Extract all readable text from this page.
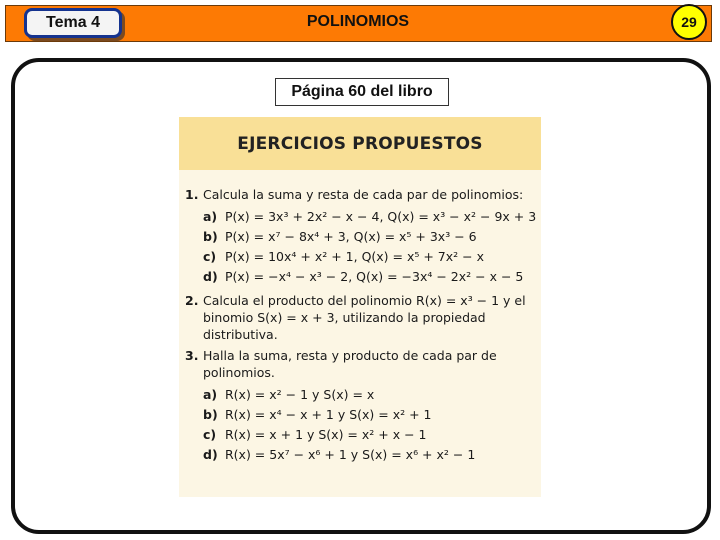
Tema 4	POLINOMIOS	29
Página 60 del libro
EJERCICIOS PROPUESTOS
1. Calcula la suma y resta de cada par de polinomios:
a) P(x) = 3x³ + 2x² − x − 4, Q(x) = x³ − x² − 9x + 3
b) P(x) = x⁷ − 8x⁴ + 3, Q(x) = x⁵ + 3x³ − 6
c) P(x) = 10x⁴ + x² + 1, Q(x) = x⁵ + 7x² − x
d) P(x) = −x⁴ − x³ − 2, Q(x) = −3x⁴ − 2x² − x − 5
2. Calcula el producto del polinomio R(x) = x³ − 1 y el binomio S(x) = x + 3, utilizando la propiedad distributiva.
3. Halla la suma, resta y producto de cada par de polinomios.
a) R(x) = x² − 1 y S(x) = x
b) R(x) = x⁴ − x + 1 y S(x) = x² + 1
c) R(x) = x + 1 y S(x) = x² + x − 1
d) R(x) = 5x⁷ − x⁶ + 1 y S(x) = x⁶ + x² − 1
